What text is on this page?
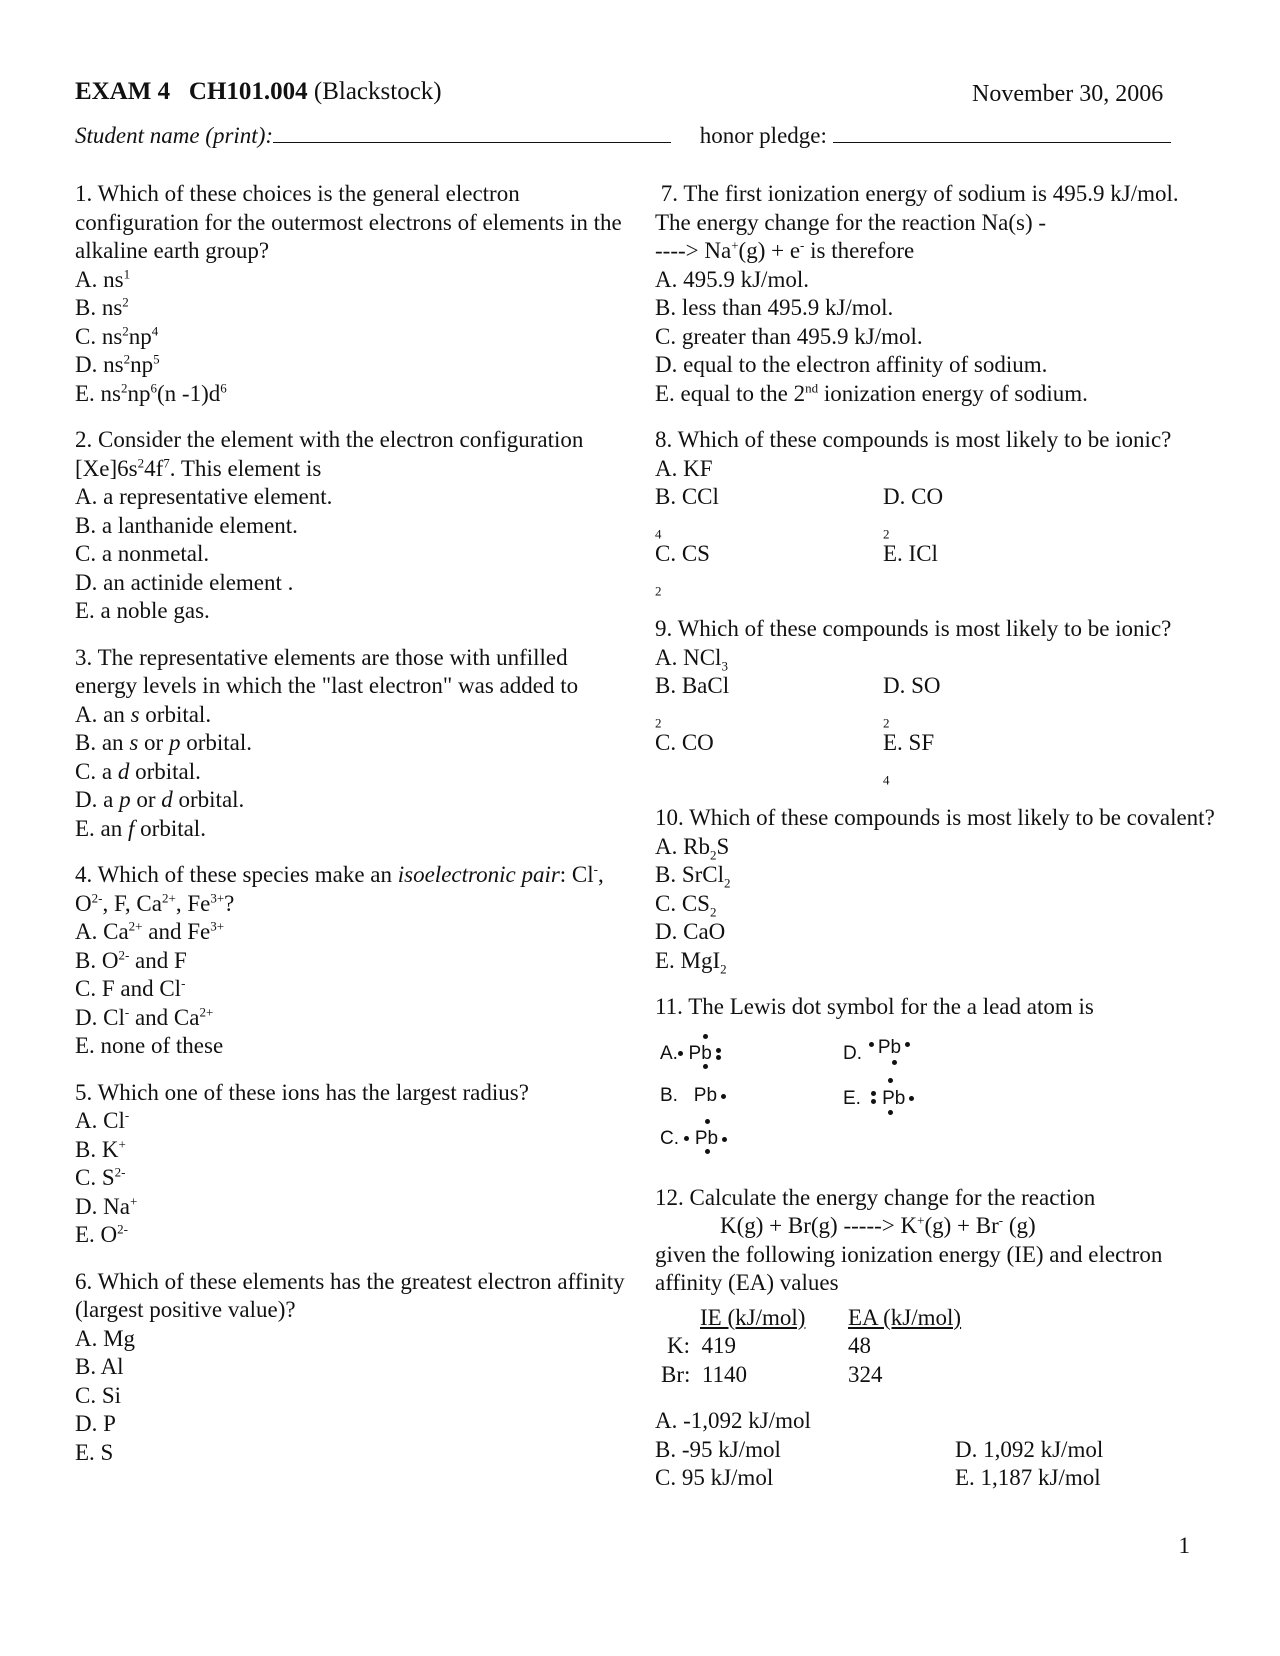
EXAM 4 CH101.004 (Blackstock)	November 30, 2006
Student name (print):	honor pledge:

1. Which of these choices is the general electron configuration for the outermost electrons of elements in the alkaline earth group?

A. $ns^1$

B. $ns^2$

C. $ns^2np^4$

D. $ns^2np^5$

E. $ns^2np^6(n$ $-1)d^6$

2. Consider the element with the electron configuration $[Xe]6s^24f^7$. This element is

A. a representative element.

B. a lanthanide element.

C. a nonmetal.

D. an actinide element .

E. a noble gas.

3. The representative elements are those with unfilled energy levels in which the "last electron" was added to

A. an s orbital.

B. an s or p orbital.

C. a d orbital.

D. a p or d orbital.

E. an f orbital.

4. Which of these species make an isoelectronic pair: Cl-, $O^{2-}$, F, $Ca^{2+}$, $Fe^{3+}$?

A. $Ca^{2+}$ and $Fe^{3+}$

B. $O^{2-}$ and F

C. F and Cl-

D. Cl- and $Ca^{2+}$

E. none of these

5. Which one of these ions has the largest radius?

A. Cl-

B. K+

C. $S^{2-}$

D. Na+

E. $O^{2-}$

6. Which of these elements has the greatest electron affinity (largest positive value)?

A. Mg

B. Al

C. Si

D. P

E. S

7. The first ionization energy of sodium is 495.9 kJ/mol. The energy change for the reaction Na(s) -
----> Na+(g) + e- is therefore

A. 495.9 kJ/mol.

B. less than 495.9 kJ/mol.

C. greater than 495.9 kJ/mol.

D. equal to the electron affinity of sodium.

E. equal to the 2nd ionization energy of sodium.

8. Which of these compounds is most likely to be ionic?

A. KF

B. CCl
$_4$
D. CO
$_2$
C. CS
$_2$
E. ICl

9. Which of these compounds is most likely to be ionic?

A. NCl$_3$

B. BaCl
$_2$
D. SO
$_2$
C. CO	E. SF
$_4$

10. Which of these compounds is most likely to be covalent?

A. $Rb_2S$

B. SrCl$_2$

C. $CS_2$

D. CaO

E. MgI$_2$

11. The Lewis dot symbol for the a lead atom is

A. Pb
B. Pb
C. Pb
D. Pb
E. Pb

12. Calculate the energy change for the reaction

K(g) + Br(g) -----> K+(g) + Br- (g)

given the following ionization energy (IE) and electron affinity (EA) values

IE (kJ/mol)	EA (kJ/mol)
K: 419	48
Br: 1140	324

A. -1,092 kJ/mol

B. -95 kJ/mol	D. 1,092 kJ/mol
C. 95 kJ/mol	E. 1,187 kJ/mol
1
